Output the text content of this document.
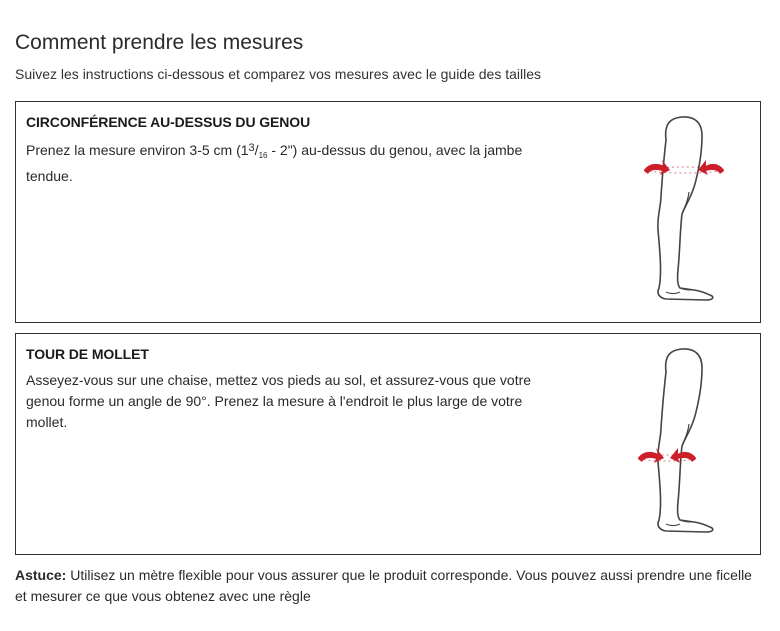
Comment prendre les mesures

Suivez les instructions ci-dessous et comparez vos mesures avec le guide des tailles

CIRCONFÉRENCE AU-DESSUS DU GENOU

Prenez la mesure environ 3-5 cm ($1^3/_{16}$ - 2") au-dessus du genou, avec la jambe tendue.

TOUR DE MOLLET

Asseyez-vous sur une chaise, mettez vos pieds au sol, et assurez-vous que votre genou forme un angle de 90°. Prenez la mesure à l'endroit le plus large de votre mollet.

Astuce: Utilisez un mètre flexible pour vous assurer que le produit corresponde. Vous pouvez aussi prendre une ficelle et mesurer ce que vous obtenez avec une règle
